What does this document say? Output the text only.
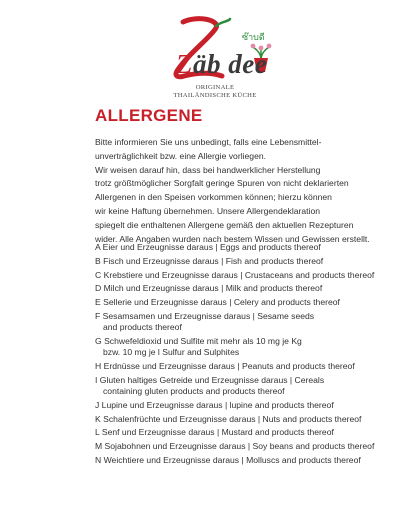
Zäb dee
ซ๊าบดี
ORIGINALE
THAILÄNDISCHE KÜCHE
ALLERGENE

Bitte informieren Sie uns unbedingt, falls eine Lebensmittel-

unverträglichkeit bzw. eine Allergie vorliegen.

Wir weisen darauf hin, dass bei handwerklicher Herstellung

trotz größtmöglicher Sorgfalt geringe Spuren von nicht deklarierten

Allergenen in den Speisen vorkommen können; hierzu können

wir keine Haftung übernehmen. Unsere Allergendeklaration

spiegelt die enthaltenen Allergene gemäß den aktuellen Rezepturen

wider. Alle Angaben wurden nach bestem Wissen und Gewissen erstellt.

A Eier und Erzeugnisse daraus | Eggs and products thereof
B Fisch und Erzeugnisse daraus | Fish and products thereof
C Krebstiere und Erzeugnisse daraus | Crustaceans and products thereof
D Milch und Erzeugnisse daraus | Milk and products thereof
E Sellerie und Erzeugnisse daraus | Celery and products thereof
F Sesamsamen und Erzeugnisse daraus | Sesame seeds
and products thereof
G Schwefeldioxid und Sulfite mit mehr als 10 mg je Kg
bzw. 10 mg je l Sulfur and Sulphites
H Erdnüsse und Erzeugnisse daraus | Peanuts and products thereof
I Gluten haltiges Getreide und Erzeugnisse daraus | Cereals
containing gluten products and products thereof
J Lupine und Erzeugnisse daraus | lupine and products thereof
K Schalenfrüchte und Erzeugnisse daraus | Nuts and products thereof
L Senf und Erzeugnisse daraus | Mustard and products thereof
M Sojabohnen und Erzeugnisse daraus | Soy beans and products thereof
N Weichtiere und Erzeugnisse daraus | Molluscs and products thereof
